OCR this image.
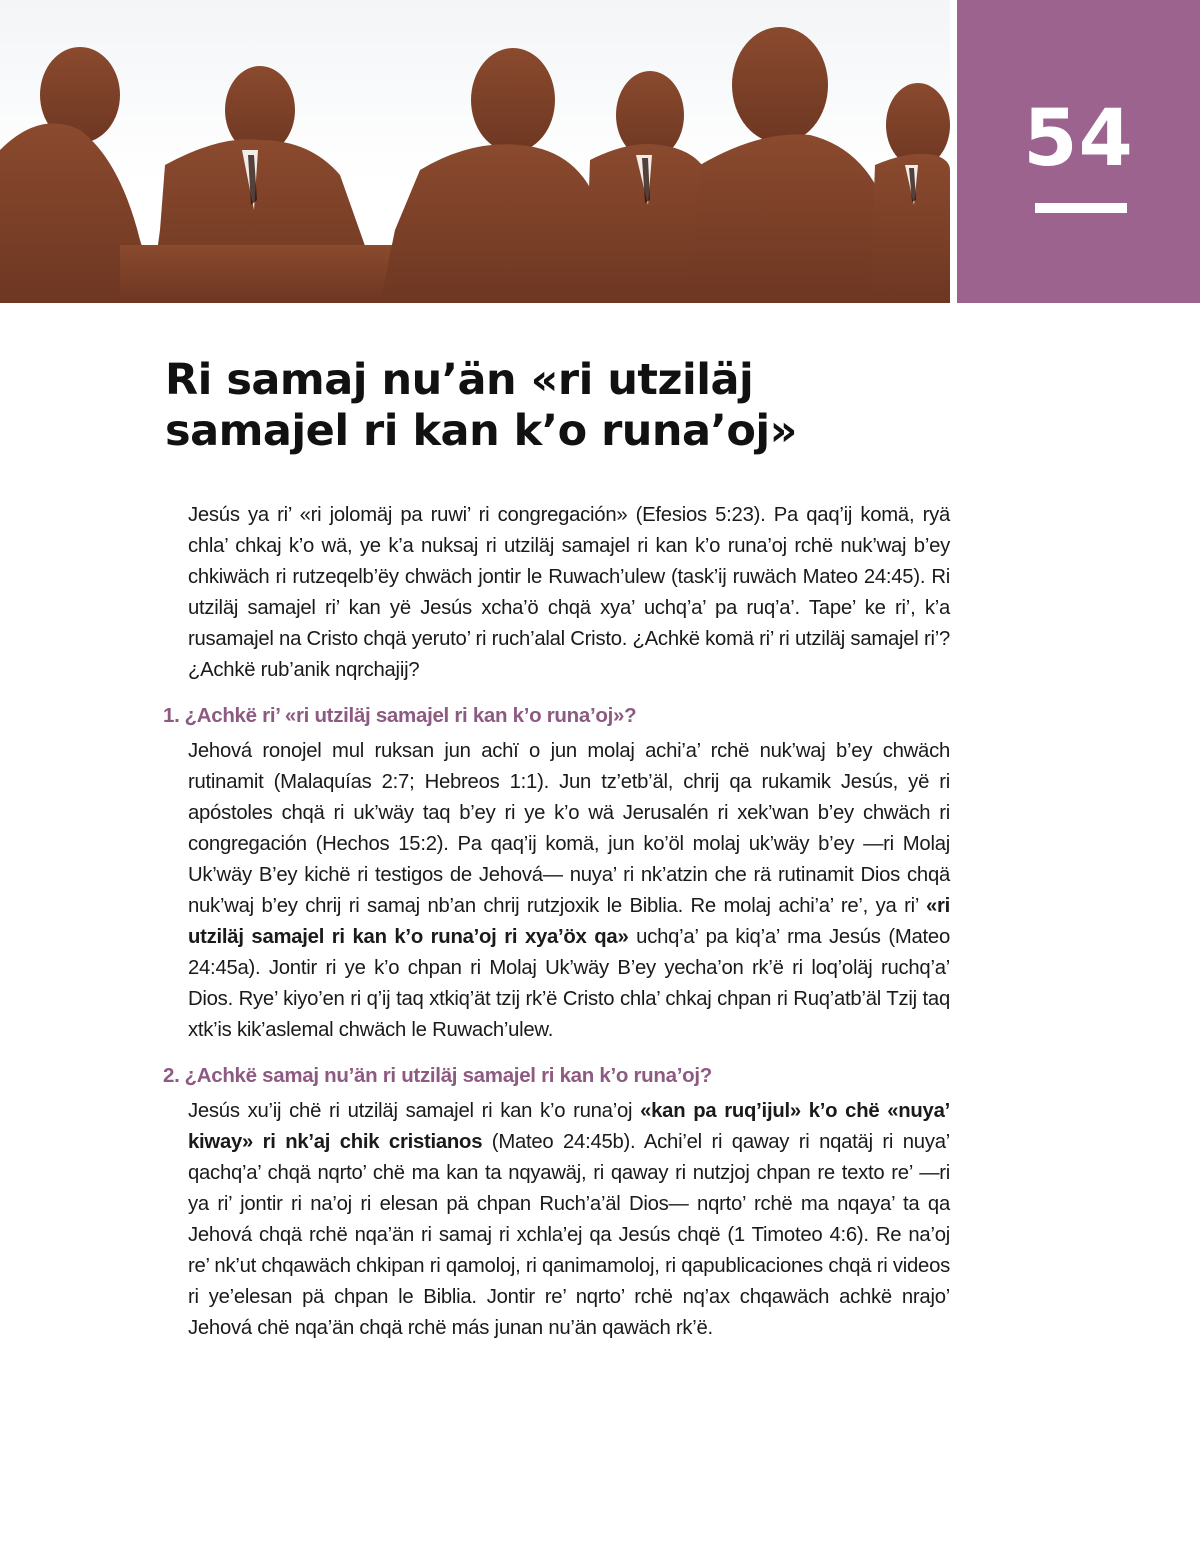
54
Ri samaj nu’än «ri utziläj samajel ri kan k’o runa’oj»

Jesús ya ri’ «ri jolomäj pa ruwi’ ri congregación» (Efesios 5:23). Pa qaq’ij komä, ryä chla’ chkaj k’o wä, ye k’a nuksaj ri utziläj samajel ri kan k’o runa’oj rchë nuk’waj b’ey chkiwäch ri rutzeqelb’ëy chwäch jontir le Ruwach’ulew (task’ij ruwäch Mateo 24:45). Ri utziläj samajel ri’ kan yë Jesús xcha’ö chqä xya’ uchq’a’ pa ruq’a’. Tape’ ke ri’, k’a rusamajel na Cristo chqä yeruto’ ri ruch’alal Cristo. ¿Achkë komä ri’ ri utziläj samajel ri’? ¿Achkë rub’anik nqrchajij?

1. ¿Achkë ri’ «ri utziläj samajel ri kan k’o runa’oj»?

Jehová ronojel mul ruksan jun achï o jun molaj achi’a’ rchë nuk’waj b’ey chwäch rutinamit (Malaquías 2:7; Hebreos 1:1). Jun tz’etb’äl, chrij qa rukamik Jesús, yë ri apóstoles chqä ri uk’wäy taq b’ey ri ye k’o wä Jerusalén ri xek’wan b’ey chwäch ri congregación (Hechos 15:2). Pa qaq’ij komä, jun ko’öl molaj uk’wäy b’ey —ri Molaj Uk’wäy B’ey kichë ri testigos de Jehová— nuya’ ri nk’atzin che rä rutinamit Dios chqä nuk’waj b’ey chrij ri samaj nb’an chrij rutzjoxik le Biblia. Re molaj achi’a’ re’, ya ri’ «ri utziläj samajel ri kan k’o runa’oj ri xya’öx qa» uchq’a’ pa kiq’a’ rma Jesús (Mateo 24:45a). Jontir ri ye k’o chpan ri Molaj Uk’wäy B’ey yecha’on rk’ë ri loq’oläj ruchq’a’ Dios. Rye’ kiyo’en ri q’ij taq xtkiq’ät tzij rk’ë Cristo chla’ chkaj chpan ri Ruq’atb’äl Tzij taq xtk’is kik’aslemal chwäch le Ruwach’ulew.

2. ¿Achkë samaj nu’än ri utziläj samajel ri kan k’o runa’oj?

Jesús xu’ij chë ri utziläj samajel ri kan k’o runa’oj «kan pa ruq’ijul» k’o chë «nuya’ kiway» ri nk’aj chik cristianos (Mateo 24:45b). Achi’el ri qaway ri nqatäj ri nuya’ qachq’a’ chqä nqrto’ chë ma kan ta nqyawäj, ri qaway ri nutzjoj chpan re texto re’ —ri ya ri’ jontir ri na’oj ri elesan pä chpan Ruch’a’äl Dios— nqrto’ rchë ma nqaya’ ta qa Jehová chqä rchë nqa’än ri samaj ri xchla’ej qa Jesús chqë (1 Timoteo 4:6). Re na’oj re’ nk’ut chqawäch chkipan ri qamoloj, ri qanimamoloj, ri qapublicaciones chqä ri videos ri ye’elesan pä chpan le Biblia. Jontir re’ nqrto’ rchë nq’ax chqawäch achkë nrajo’ Jehová chë nqa’än chqä rchë más junan nu’än qawäch rk’ë.
